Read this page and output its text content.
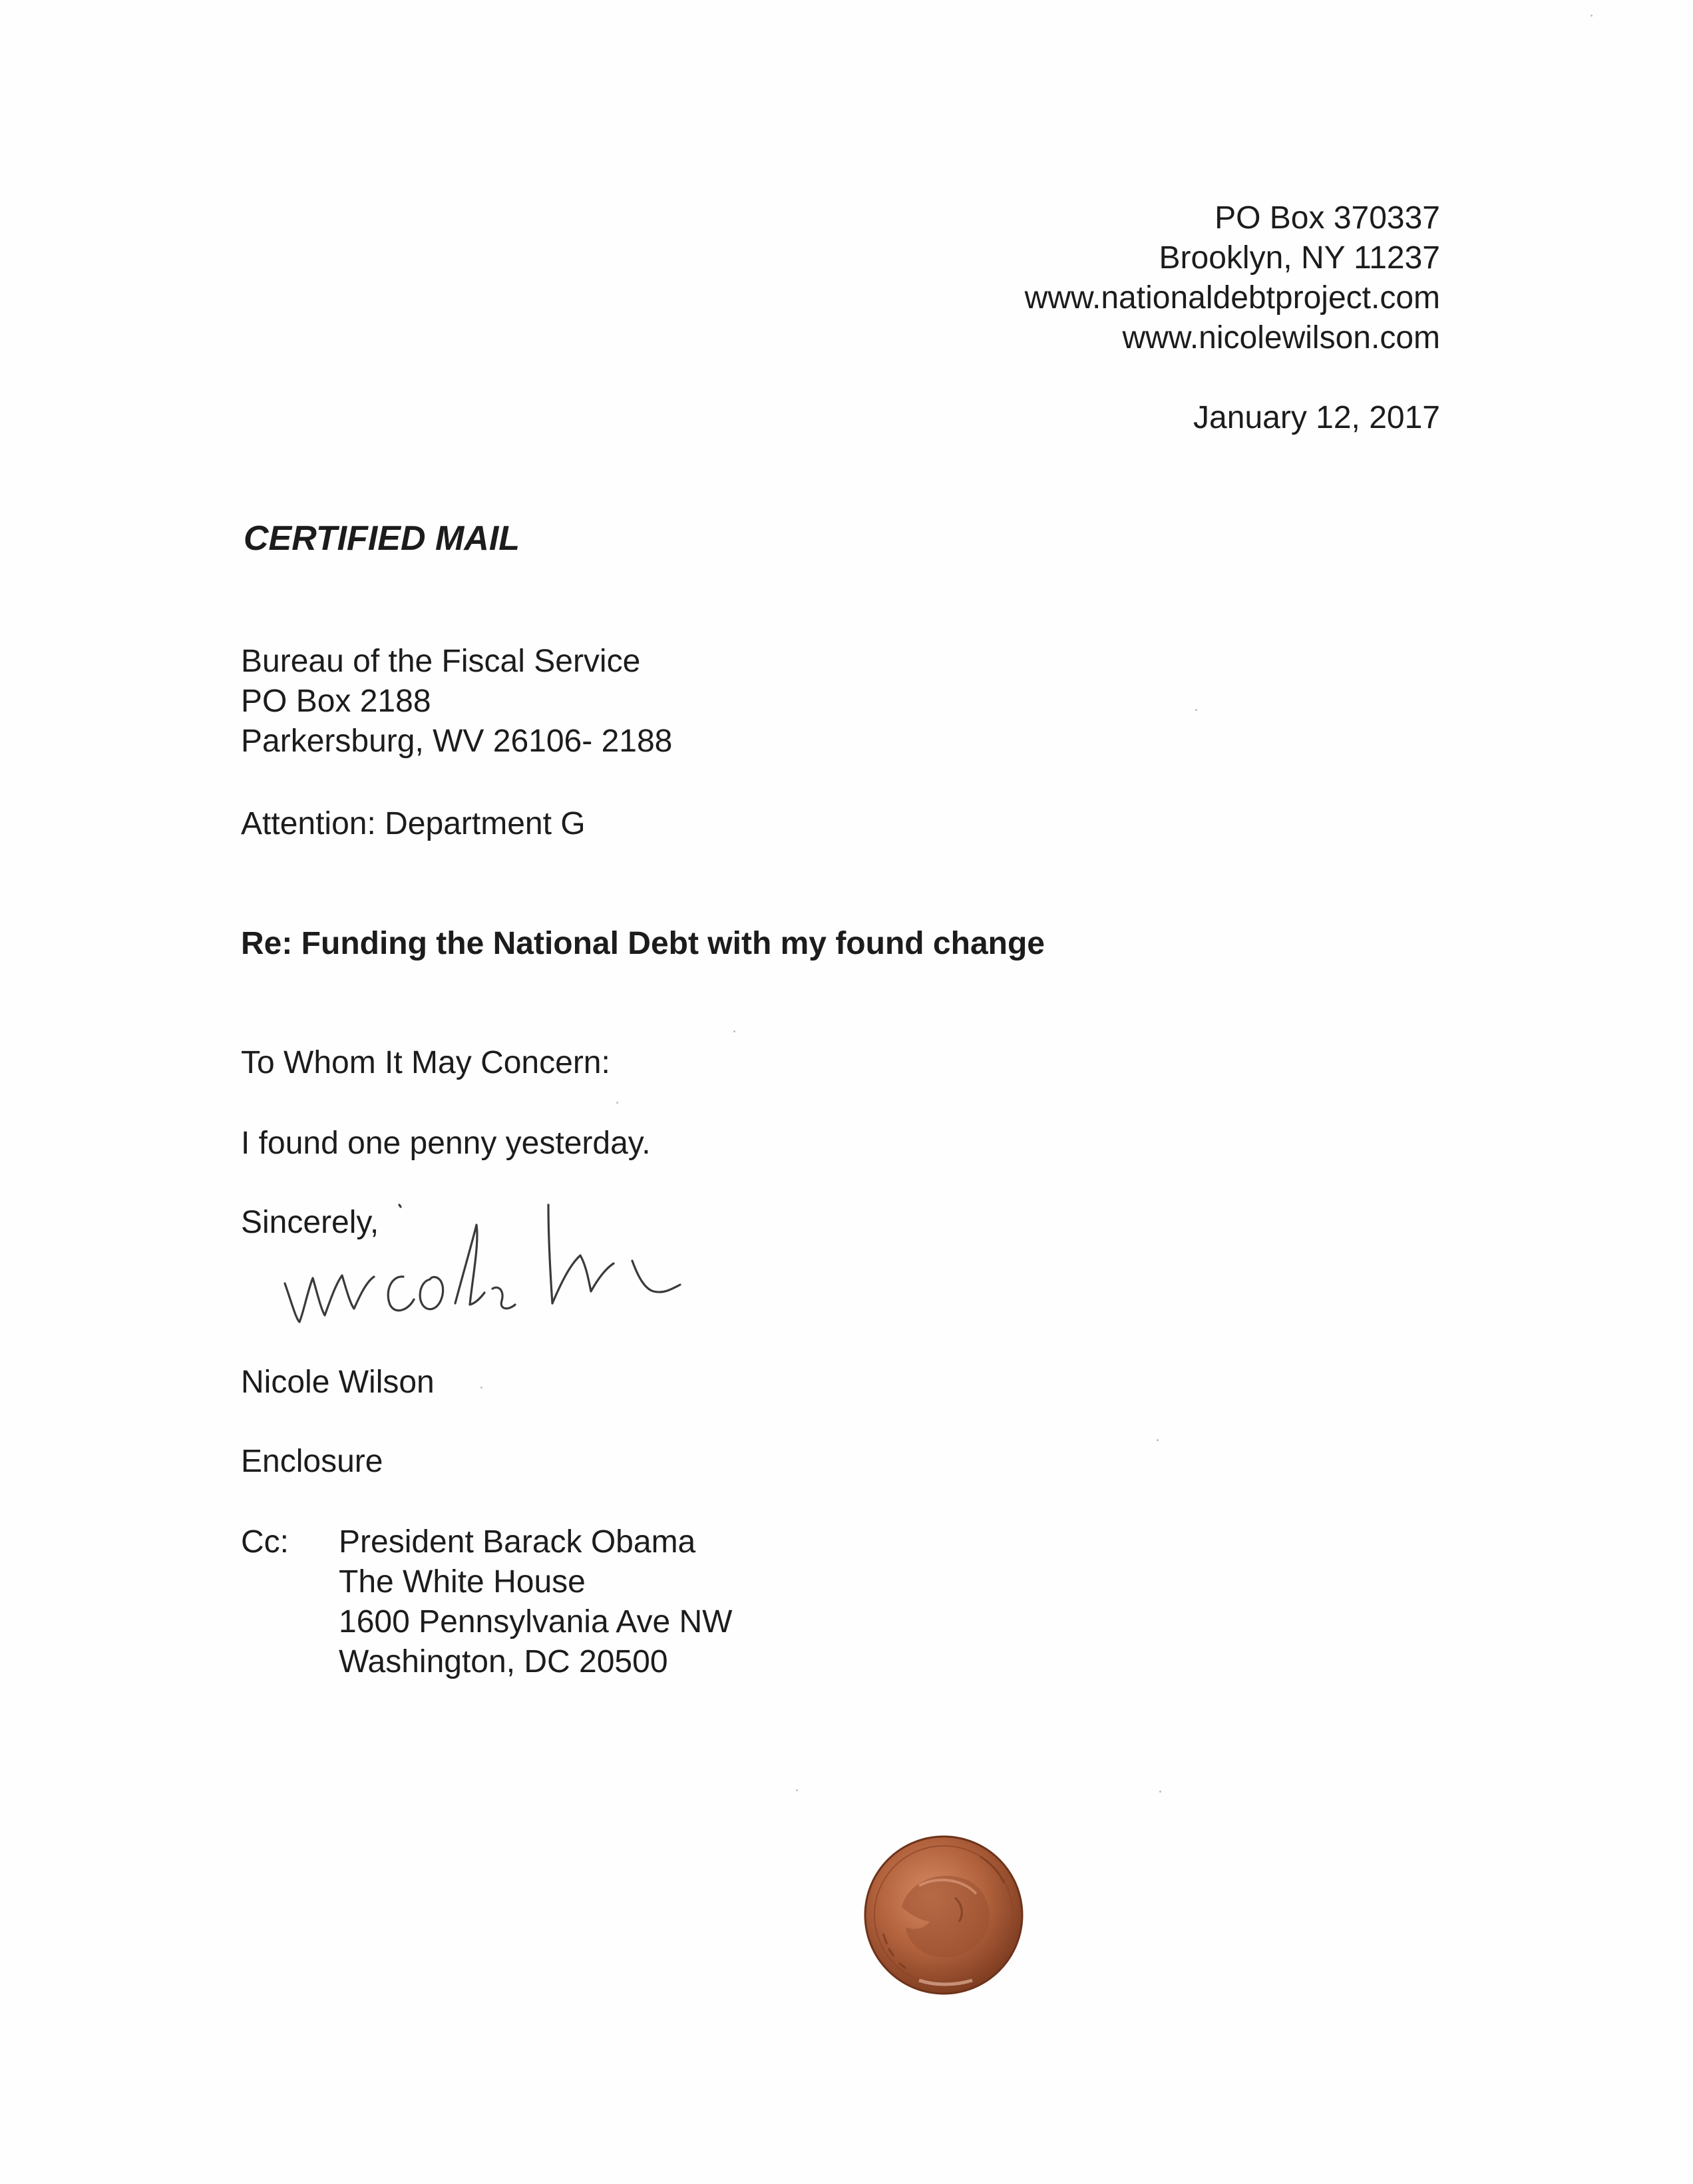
PO Box 370337
Brooklyn, NY 11237
www.nationaldebtproject.com
www.nicolewilson.com
January 12, 2017
CERTIFIED MAIL
Bureau of the Fiscal Service
PO Box 2188
Parkersburg, WV 26106- 2188
Attention: Department G
Re: Funding the National Debt with my found change
To Whom It May Concern:
I found one penny yesterday.
Sincerely,
Nicole Wilson
Enclosure
Cc: President Barack Obama
The White House
1600 Pennsylvania Ave NW
Washington, DC 20500
